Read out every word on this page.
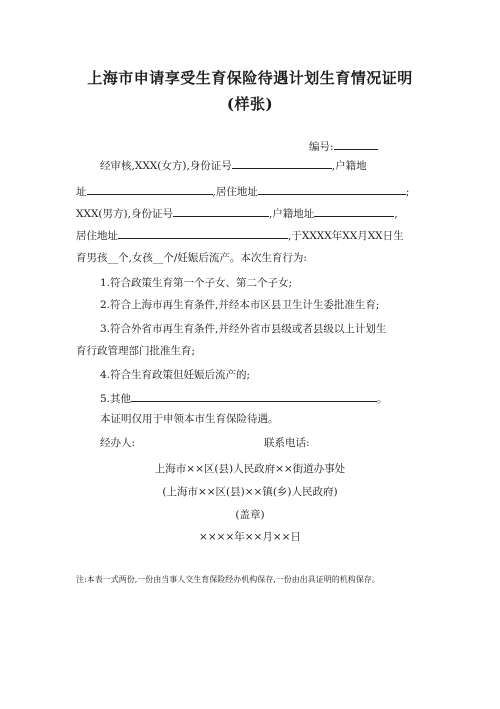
上海市申请享受生育保险待遇计划生育情况证明
(样张)
编号:
经审核,XXX(女方),身份证号	,户籍地
址	,居住地址	;
XXX(男方),身份证号	,户籍地址	,
居住地址	,于XXXX年XX月XX日生
育男孩__个,女孩__个/妊娠后流产。本次生育行为:
1.符合政策生育第一个子女、第二个子女;
2.符合上海市再生育条件,并经本市区县卫生计生委批准生育;
3.符合外省市再生育条件,并经外省市县级或者县级以上计划生
育行政管理部门批准生育;
4.符合生育政策但妊娠后流产的;
5.其他	。
本证明仅用于申领本市生育保险待遇。
经办人:	联系电话:
上海市××区(县)人民政府××街道办事处
(上海市××区(县)××镇(乡)人民政府)
(盖章)
××××年××月××日
注:本表一式两份,一份由当事人交生育保险经办机构保存,一份由出具证明的机构保存。
